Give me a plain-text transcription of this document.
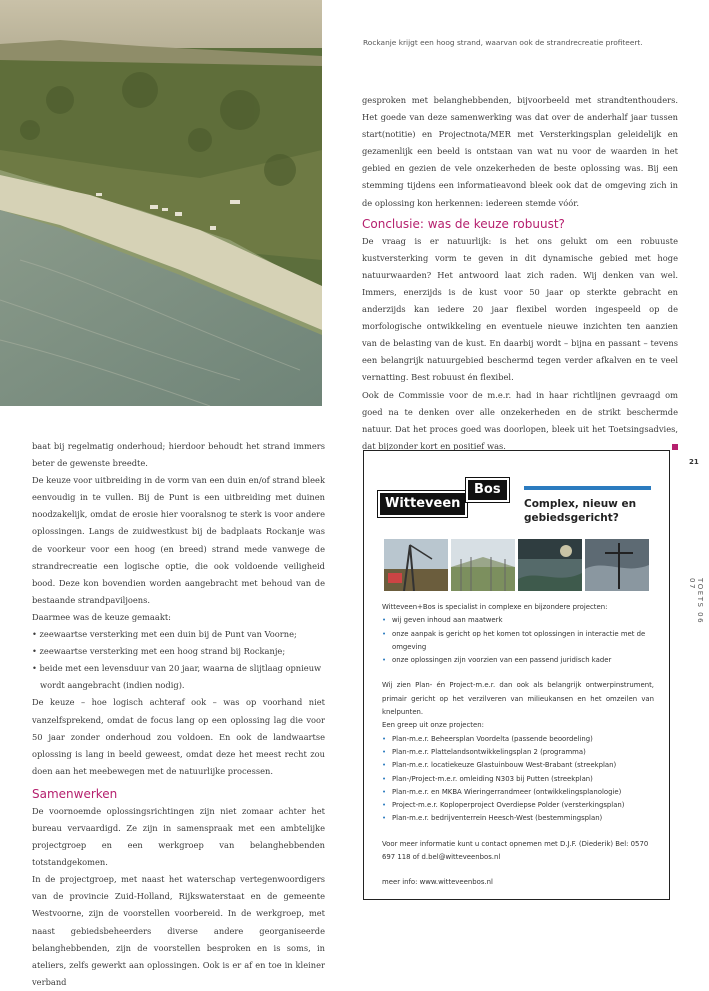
Rockanje krijgt een hoog strand, waarvan ook de strandrecreatie profiteert.

gesproken met belanghebbenden, bijvoorbeeld met strandtenthouders. Het goede van deze samenwerking was dat over de anderhalf jaar tussen start(notitie) en Projectnota/MER met Versterkingsplan geleidelijk en gezamenlijk een beeld is ontstaan van wat nu voor de waarden in het gebied en gezien de vele onzekerheden de beste oplossing was. Bij een stemming tijdens een informatieavond bleek ook dat de omgeving zich in de oplossing kon herkennen: iedereen stemde vóór.

Conclusie: was de keuze robuust?

De vraag is er natuurlijk: is het ons gelukt om een robuuste kustversterking vorm te geven in dit dynamische gebied met hoge natuurwaarden? Het antwoord laat zich raden. Wij denken van wel. Immers, enerzijds is de kust voor 50 jaar op sterkte gebracht en anderzijds kan iedere 20 jaar flexibel worden ingespeeld op de morfologische ontwikkeling en eventuele nieuwe inzichten ten aanzien van de belasting van de kust. En daarbij wordt – bijna en passant – tevens een belangrijk natuurgebied beschermd tegen verder afkalven en te veel vernatting. Best robuust én flexibel.

Ook de Commissie voor de m.e.r. had in haar richtlijnen gevraagd om goed na te denken over alle onzekerheden en de strikt beschermde natuur. Dat het proces goed was doorlopen, bleek uit het Toetsingsadvies, dat bijzonder kort en positief was.

baat bij regelmatig onderhoud; hierdoor behoudt het strand immers beter de gewenste breedte.

De keuze voor uitbreiding in de vorm van een duin en/of strand bleek eenvoudig in te vullen. Bij de Punt is een uitbreiding met duinen noodzakelijk, omdat de erosie hier vooralsnog te sterk is voor andere oplossingen. Langs de zuidwestkust bij de badplaats Rockanje was de voorkeur voor een hoog (en breed) strand mede vanwege de strandrecreatie een logische optie, die ook voldoende veiligheid bood. Deze kon bovendien worden aangebracht met behoud van de bestaande strandpaviljoens.

Daarmee was de keuze gemaakt:

• zeewaartse versterking met een duin bij de Punt van Voorne;

• zeewaartse versterking met een hoog strand bij Rockanje;

• beide met een levensduur van 20 jaar, waarna de slijtlaag opnieuw

wordt aangebracht (indien nodig).

De keuze – hoe logisch achteraf ook – was op voorhand niet vanzelfsprekend, omdat de focus lang op een oplossing lag die voor 50 jaar zonder onderhoud zou voldoen. En ook de landwaartse oplossing is lang in beeld geweest, omdat deze het meest recht zou doen aan het meebewegen met de natuurlijke processen.

Samenwerken

De voornoemde oplossingsrichtingen zijn niet zomaar achter het bureau vervaardigd. Ze zijn in samenspraak met een ambtelijke projectgroep en een werkgroep van belanghebbenden totstandgekomen.

In de projectgroep, met naast het waterschap vertegenwoordigers van de provincie Zuid-Holland, Rijkswaterstaat en de gemeente Westvoorne, zijn de voorstellen voorbereid. In de werkgroep, met naast gebiedsbeheerders diverse andere georganiseerde belanghebbenden, zijn de voorstellen besproken en is soms, in ateliers, zelfs gewerkt aan oplossingen. Ook is er af en toe in kleiner verband

21
TOETS 06 07
Witteveen
Bos
Complex, nieuw en gebiedsgericht?

Witteveen+Bos is specialist in complexe en bijzondere projecten:

• wij geven inhoud aan maatwerk
• onze aanpak is gericht op het komen tot oplossingen in interactie met de omgeving
• onze oplossingen zijn voorzien van een passend juridisch kader

Wij zien Plan- én Project-m.e.r. dan ook als belangrijk ontwerpinstrument, primair gericht op het verzilveren van milieukansen en het omzeilen van knelpunten.

Een greep uit onze projecten:

• Plan-m.e.r. Beheersplan Voordelta (passende beoordeling)
• Plan-m.e.r. Plattelandsontwikkelingsplan 2 (programma)
• Plan-m.e.r. locatiekeuze Glastuinbouw West-Brabant (streekplan)
• Plan-/Project-m.e.r. omleiding N303 bij Putten (streekplan)
• Plan-m.e.r. en MKBA Wieringerrandmeer (ontwikkelingsplanologie)
• Project-m.e.r. Koploperproject Overdiepse Polder (versterkingsplan)
• Plan-m.e.r. bedrijventerrein Heesch-West (bestemmingsplan)

Voor meer informatie kunt u contact opnemen met D.J.F. (Diederik) Bel: 0570 697 118 of d.bel@witteveenbos.nl

meer info: www.witteveenbos.nl
